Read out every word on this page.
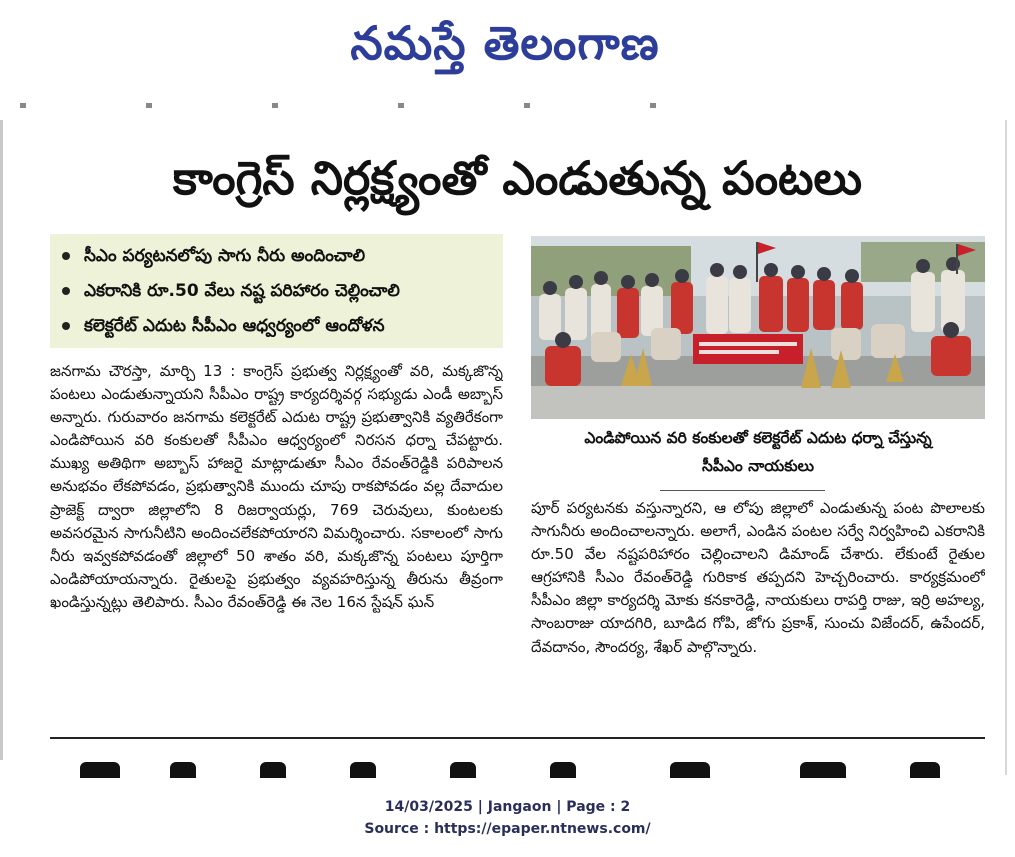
నమస్తే తెలంగాణ
కాంగ్రెస్ నిర్లక్ష్యంతో ఎండుతున్న పంటలు
సీఎం పర్యటనలోపు సాగు నీరు అందించాలి
ఎకరానికి రూ.50 వేలు నష్ట పరిహారం చెల్లించాలి
కలెక్టరేట్ ఎదుట సీపీఎం ఆధ్వర్యంలో ఆందోళన
ఎండిపోయిన వరి కంకులతో కలెక్టరేట్ ఎదుట ధర్నా చేస్తున్న
సీపీఎం నాయకులు

జనగామ చౌరస్తా, మార్చి 13 : కాంగ్రెస్ ప్రభుత్వ నిర్లక్ష్యంతో వరి, మక్కజొన్న పంటలు ఎండుతున్నాయని సీపీఎం రాష్ట్ర కార్యదర్శివర్గ సభ్యుడు ఎండీ అబ్బాస్ అన్నారు. గురువారం జనగామ కలెక్టరేట్ ఎదుట రాష్ట్ర ప్రభుత్వానికి వ్యతిరేకంగా ఎండిపోయిన వరి కంకులతో సీపీఎం ఆధ్వర్యంలో నిరసన ధర్నా చేపట్టారు. ముఖ్య అతిథిగా అబ్బాస్ హాజరై మాట్లాడుతూ సీఎం రేవంత్‌రెడ్డికి పరిపాలన అనుభవం లేకపోవడం, ప్రభుత్వానికి ముందు చూపు రాకపోవడం వల్ల దేవాదుల ప్రాజెక్ట్ ద్వారా జిల్లాలోని 8 రిజర్వాయర్లు, 769 చెరువులు, కుంటలకు అవసరమైన సాగునీటిని అందించలేకపోయారని విమర్శించారు. సకాలంలో సాగు నీరు ఇవ్వకపోవడంతో జిల్లాలో 50 శాతం వరి, మక్కజొన్న పంటలు పూర్తిగా ఎండిపోయాయన్నారు. రైతులపై ప్రభుత్వం వ్యవహరిస్తున్న తీరును తీవ్రంగా ఖండిస్తున్నట్లు తెలిపారు. సీఎం రేవంత్‌రెడ్డి ఈ నెల 16న స్టేషన్ ఘన్

పూర్ పర్యటనకు వస్తున్నారని, ఆ లోపు జిల్లాలో ఎండుతున్న పంట పొలాలకు సాగునీరు అందించాలన్నారు. అలాగే, ఎండిన పంటల సర్వే నిర్వహించి ఎకరానికి రూ.50 వేల నష్టపరిహారం చెల్లించాలని డిమాండ్ చేశారు. లేకుంటే రైతుల ఆగ్రహానికి సీఎం రేవంత్‌రెడ్డి గురికాక తప్పదని హెచ్చరించారు. కార్యక్రమంలో సీపీఎం జిల్లా కార్యదర్శి మోకు కనకారెడ్డి, నాయకులు రాపర్తి రాజు, ఇర్రి అహల్య, సాంబరాజు యాదగిరి, బూడిద గోపి, జోగు ప్రకాశ్, సుంచు విజేందర్, ఉపేందర్, దేవదానం, సౌందర్య, శేఖర్ పాల్గొన్నారు.

14/03/2025 | Jangaon | Page : 2
Source : https://epaper.ntnews.com/
